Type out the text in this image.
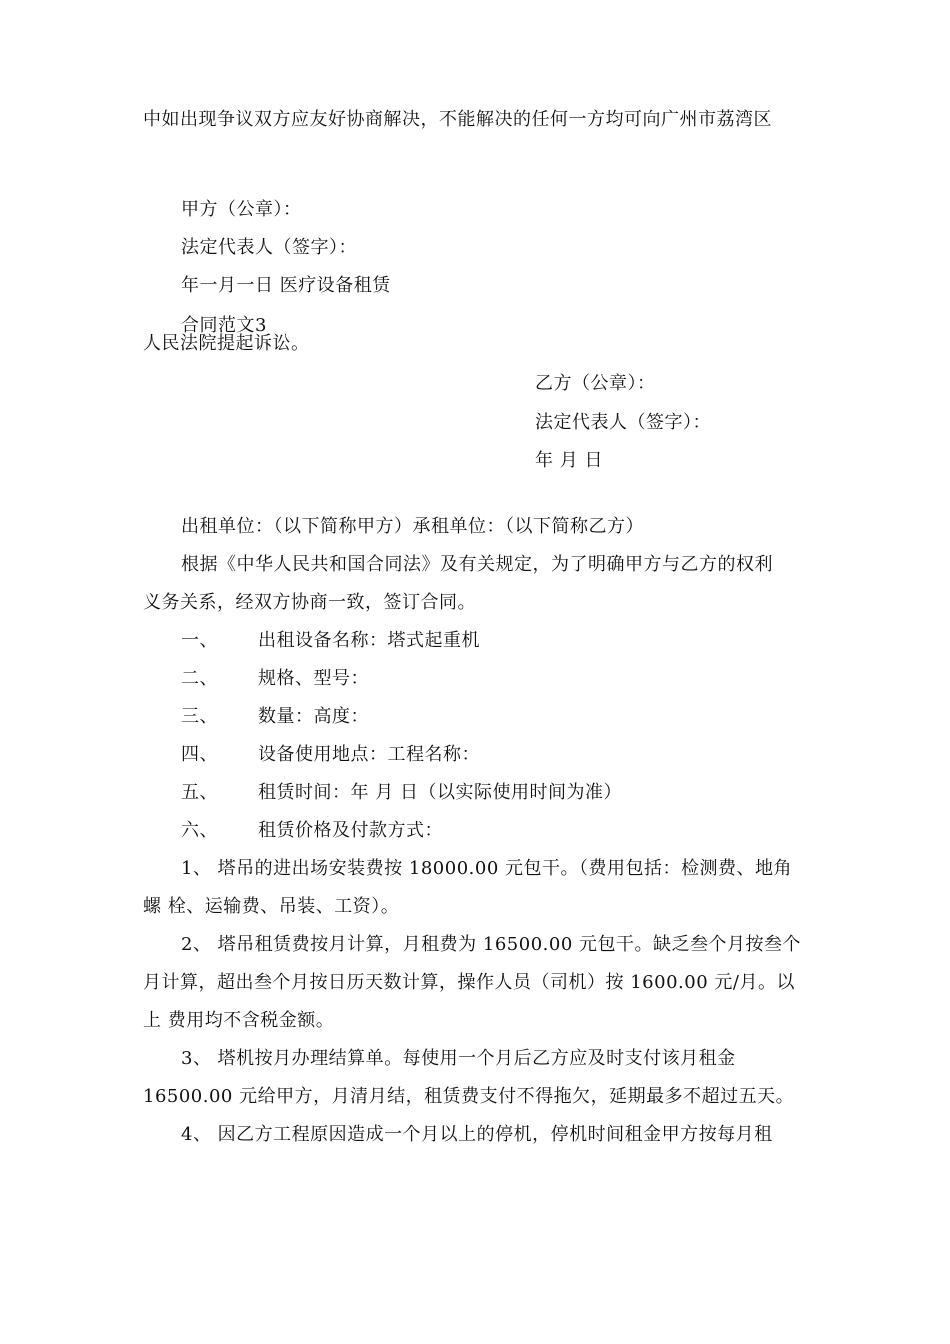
中如出现争议双方应友好协商解决，不能解决的任何一方均可向广州市荔湾区
甲方（公章）：
法定代表人（签字）：
年一月一日 医疗设备租赁
合同范文3
人民法院提起诉讼。
乙方（公章）：
法定代表人（签字）：
年 月 日
出租单位：（以下简称甲方）承租单位：（以下简称乙方）
根据《中华人民共和国合同法》及有关规定，为了明确甲方与乙方的权利
义务关系，经双方协商一致，签订合同。
一、 出租设备名称：塔式起重机
二、 规格、型号：
三、 数量：高度：
四、 设备使用地点：工程名称：
五、 租赁时间：年 月 日（以实际使用时间为准）
六、 租赁价格及付款方式：
1、 塔吊的进出场安装费按 18000.00 元包干。（费用包括：检测费、地角
螺 栓、运输费、吊装、工资）。
2、 塔吊租赁费按月计算，月租费为 16500.00 元包干。缺乏叁个月按叁个
月计算，超出叁个月按日历天数计算，操作人员（司机）按 1600.00 元/月。以
上 费用均不含税金额。
3、 塔机按月办理结算单。每使用一个月后乙方应及时支付该月租金
16500.00 元给甲方，月清月结，租赁费支付不得拖欠，延期最多不超过五天。
4、 因乙方工程原因造成一个月以上的停机，停机时间租金甲方按每月租
